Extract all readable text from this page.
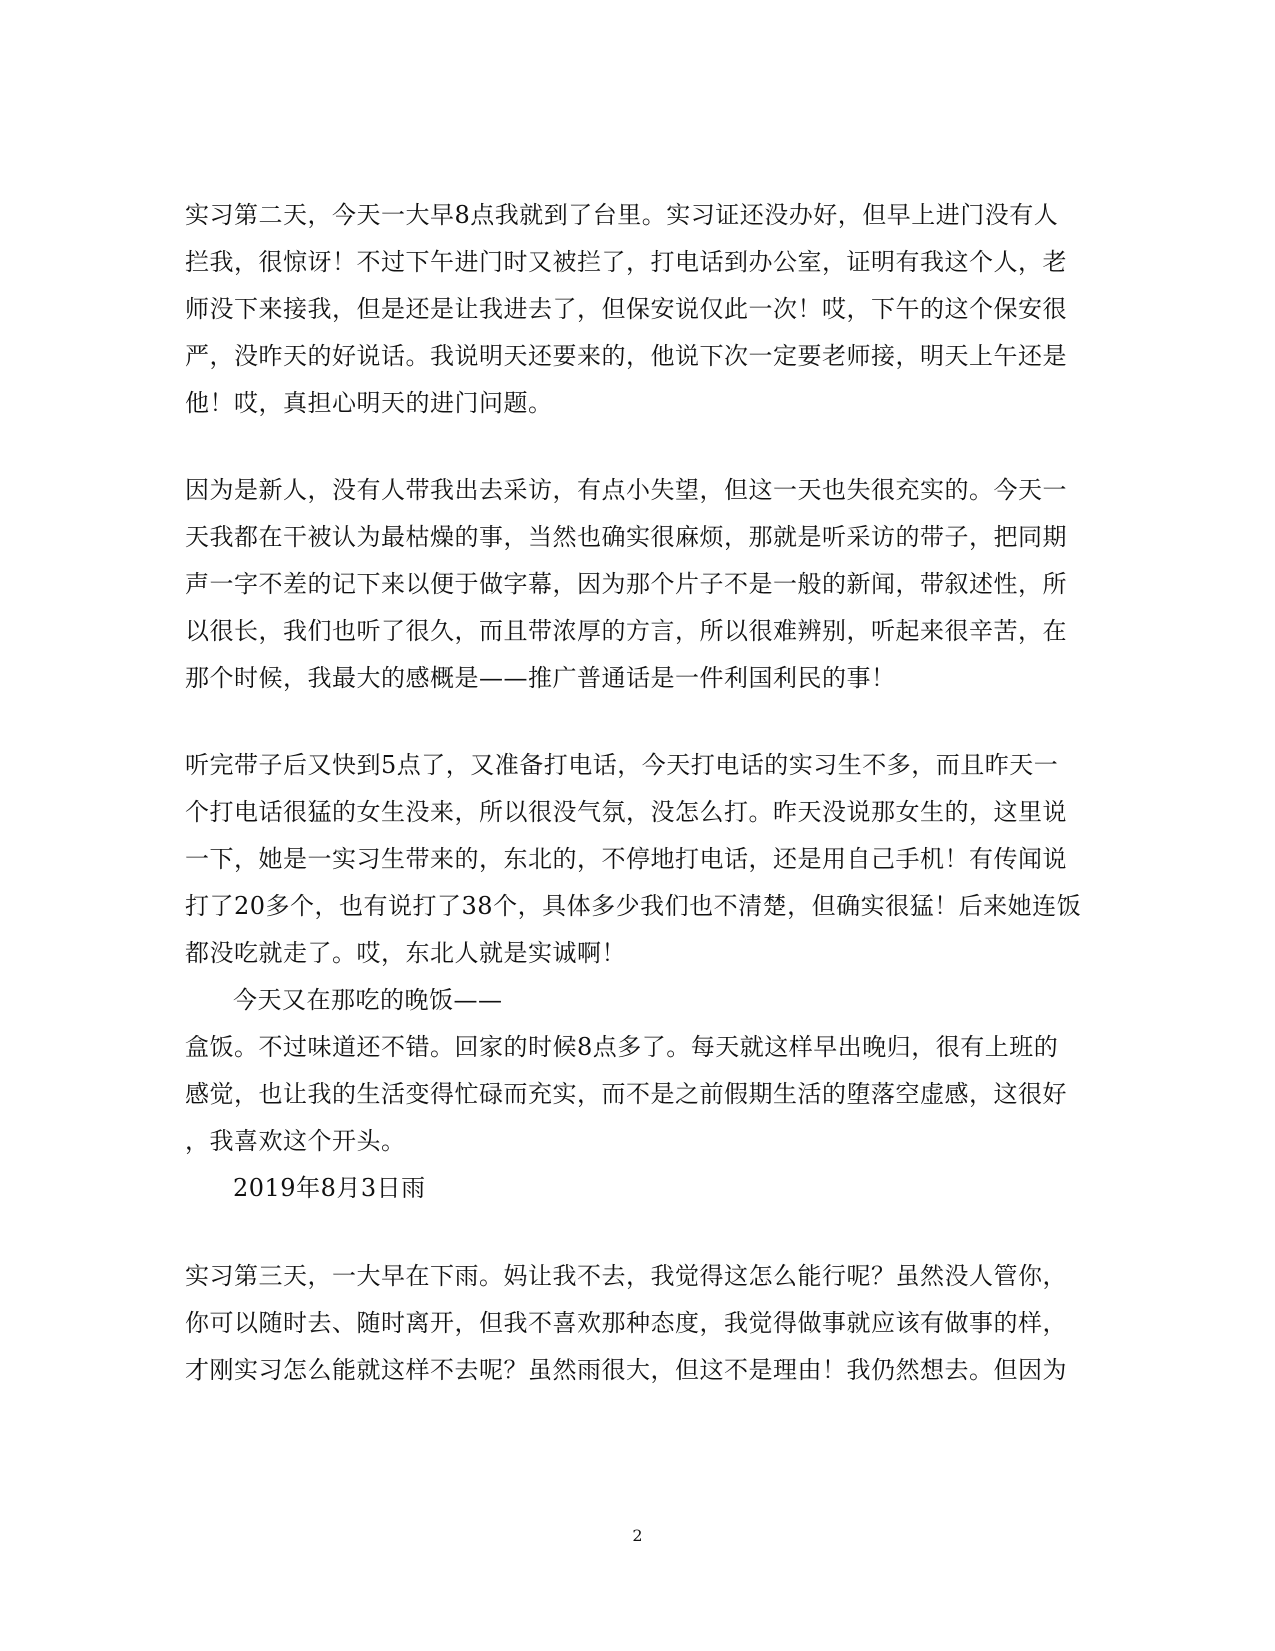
实习第二天，今天一大早8点我就到了台里。实习证还没办好，但早上进门没有人
拦我，很惊讶！不过下午进门时又被拦了，打电话到办公室，证明有我这个人，老
师没下来接我，但是还是让我进去了，但保安说仅此一次！哎，下午的这个保安很
严，没昨天的好说话。我说明天还要来的，他说下次一定要老师接，明天上午还是
他！哎，真担心明天的进门问题。
因为是新人，没有人带我出去采访，有点小失望，但这一天也失很充实的。今天一
天我都在干被认为最枯燥的事，当然也确实很麻烦，那就是听采访的带子，把同期
声一字不差的记下来以便于做字幕，因为那个片子不是一般的新闻，带叙述性，所
以很长，我们也听了很久，而且带浓厚的方言，所以很难辨别，听起来很辛苦，在
那个时候，我最大的感概是——推广普通话是一件利国利民的事！
听完带子后又快到5点了，又准备打电话，今天打电话的实习生不多，而且昨天一
个打电话很猛的女生没来，所以很没气氛，没怎么打。昨天没说那女生的，这里说
一下，她是一实习生带来的，东北的，不停地打电话，还是用自己手机！有传闻说
打了20多个，也有说打了38个，具体多少我们也不清楚，但确实很猛！后来她连饭
都没吃就走了。哎，东北人就是实诚啊！
今天又在那吃的晚饭——
盒饭。不过味道还不错。回家的时候8点多了。每天就这样早出晚归，很有上班的
感觉，也让我的生活变得忙碌而充实，而不是之前假期生活的堕落空虚感，这很好
，我喜欢这个开头。
2019年8月3日雨
实习第三天，一大早在下雨。妈让我不去，我觉得这怎么能行呢？虽然没人管你，
你可以随时去、随时离开，但我不喜欢那种态度，我觉得做事就应该有做事的样，
才刚实习怎么能就这样不去呢？虽然雨很大，但这不是理由！我仍然想去。但因为
2
